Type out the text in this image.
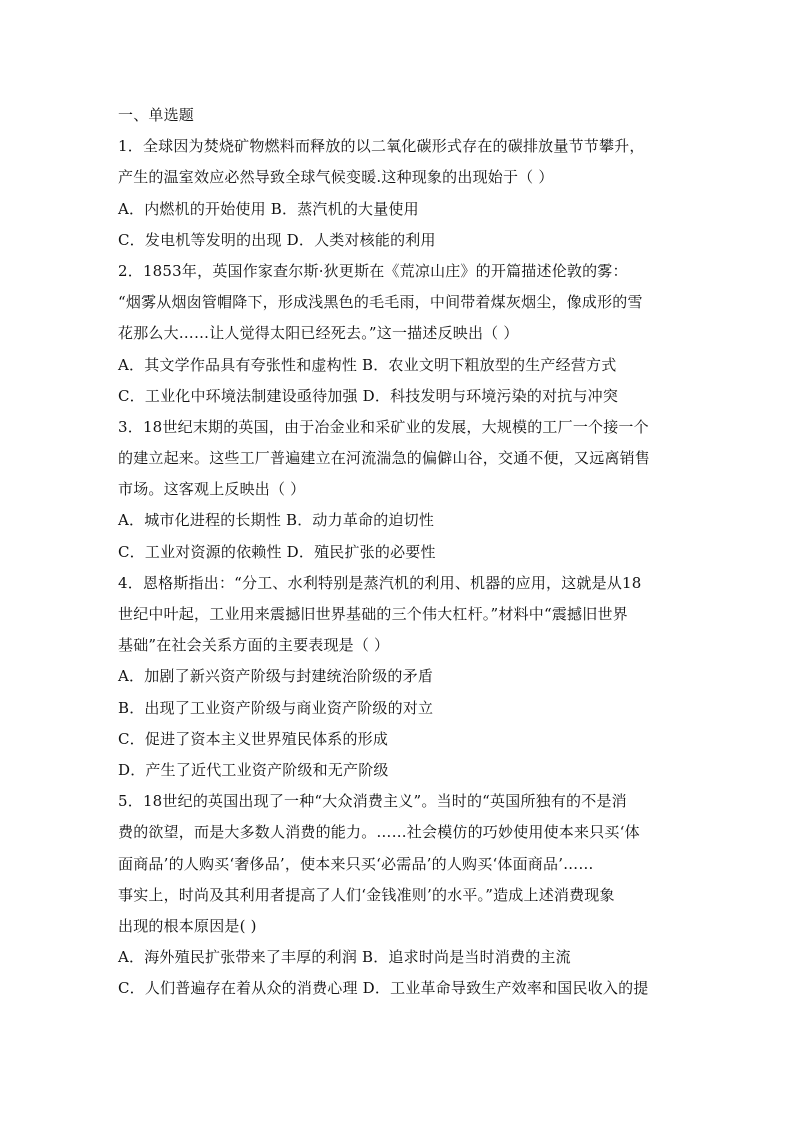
一、单选题
1．全球因为焚烧矿物燃料而释放的以二氧化碳形式存在的碳排放量节节攀升，
产生的温室效应必然导致全球气候变暖.这种现象的出现始于（ ）
A．内燃机的开始使用 B．蒸汽机的大量使用
C．发电机等发明的出现 D．人类对核能的利用
2．1853年，英国作家查尔斯·狄更斯在《荒凉山庄》的开篇描述伦敦的雾：
“烟雾从烟囱管帽降下，形成浅黑色的毛毛雨，中间带着煤灰烟尘，像成形的雪
花那么大……让人觉得太阳已经死去。”这一描述反映出（ ）
A．其文学作品具有夸张性和虚构性 B．农业文明下粗放型的生产经营方式
C．工业化中环境法制建设亟待加强 D．科技发明与环境污染的对抗与冲突
3．18世纪末期的英国，由于冶金业和采矿业的发展，大规模的工厂一个接一个
的建立起来。这些工厂普遍建立在河流湍急的偏僻山谷，交通不便，又远离销售
市场。这客观上反映出（ ）
A．城市化进程的长期性 B．动力革命的迫切性
C．工业对资源的依赖性 D．殖民扩张的必要性
4．恩格斯指出：“分工、水利特别是蒸汽机的利用、机器的应用，这就是从18
世纪中叶起，工业用来震撼旧世界基础的三个伟大杠杆。”材料中“震撼旧世界
基础”在社会关系方面的主要表现是（ ）
A．加剧了新兴资产阶级与封建统治阶级的矛盾
B．出现了工业资产阶级与商业资产阶级的对立
C．促进了资本主义世界殖民体系的形成
D．产生了近代工业资产阶级和无产阶级
5．18世纪的英国出现了一种“大众消费主义”。当时的“英国所独有的不是消
费的欲望，而是大多数人消费的能力。……社会模仿的巧妙使用使本来只买‘体
面商品’的人购买‘奢侈品’，使本来只买‘必需品’的人购买‘体面商品’……
事实上，时尚及其利用者提高了人们‘金钱准则’的水平。”造成上述消费现象
出现的根本原因是( )
A．海外殖民扩张带来了丰厚的利润 B．追求时尚是当时消费的主流
C．人们普遍存在着从众的消费心理 D．工业革命导致生产效率和国民收入的提
